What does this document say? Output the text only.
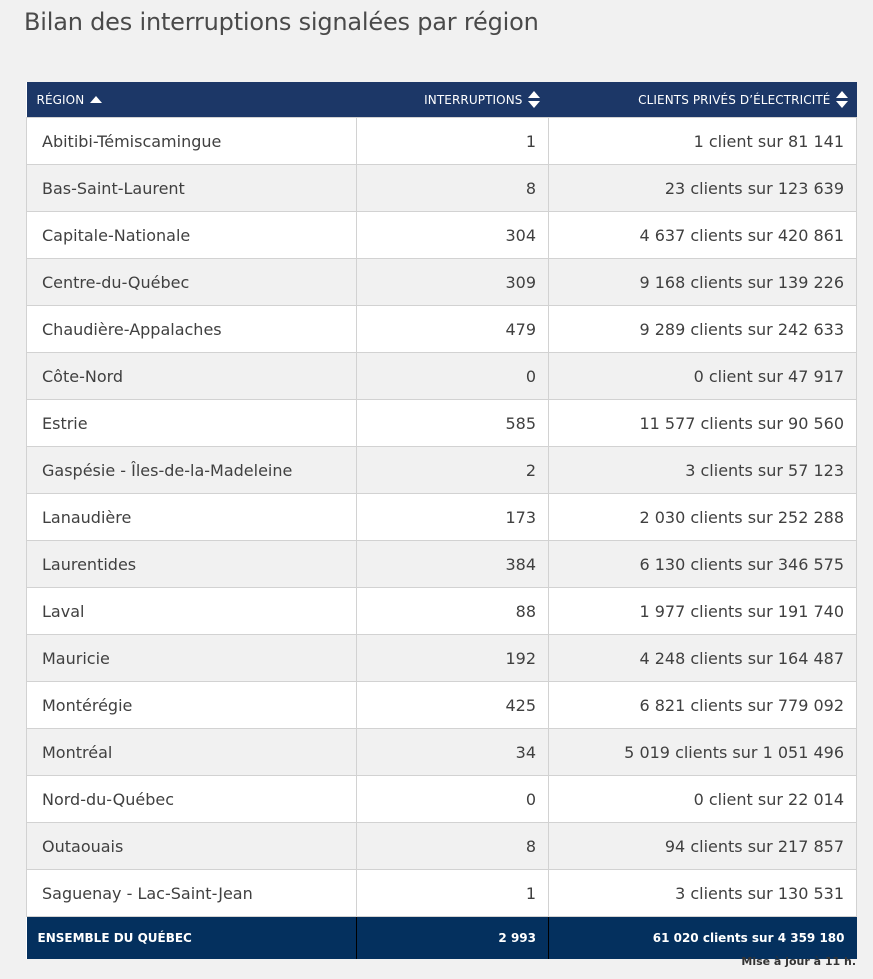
Bilan des interruptions signalées par région
RÉGION	INTERRUPTIONS	CLIENTS PRIVÉS D’ÉLECTRICITÉ
Abitibi-Témiscamingue	1	1 client sur 81 141
Bas-Saint-Laurent	8	23 clients sur 123 639
Capitale-Nationale	304	4 637 clients sur 420 861
Centre-du-Québec	309	9 168 clients sur 139 226
Chaudière-Appalaches	479	9 289 clients sur 242 633
Côte-Nord	0	0 client sur 47 917
Estrie	585	11 577 clients sur 90 560
Gaspésie - Îles-de-la-Madeleine	2	3 clients sur 57 123
Lanaudière	173	2 030 clients sur 252 288
Laurentides	384	6 130 clients sur 346 575
Laval	88	1 977 clients sur 191 740
Mauricie	192	4 248 clients sur 164 487
Montérégie	425	6 821 clients sur 779 092
Montréal	34	5 019 clients sur 1 051 496
Nord-du-Québec	0	0 client sur 22 014
Outaouais	8	94 clients sur 217 857
Saguenay - Lac-Saint-Jean	1	3 clients sur 130 531
ENSEMBLE DU QUÉBEC	2 993	61 020 clients sur 4 359 180
Mise à jour à 11 h.
